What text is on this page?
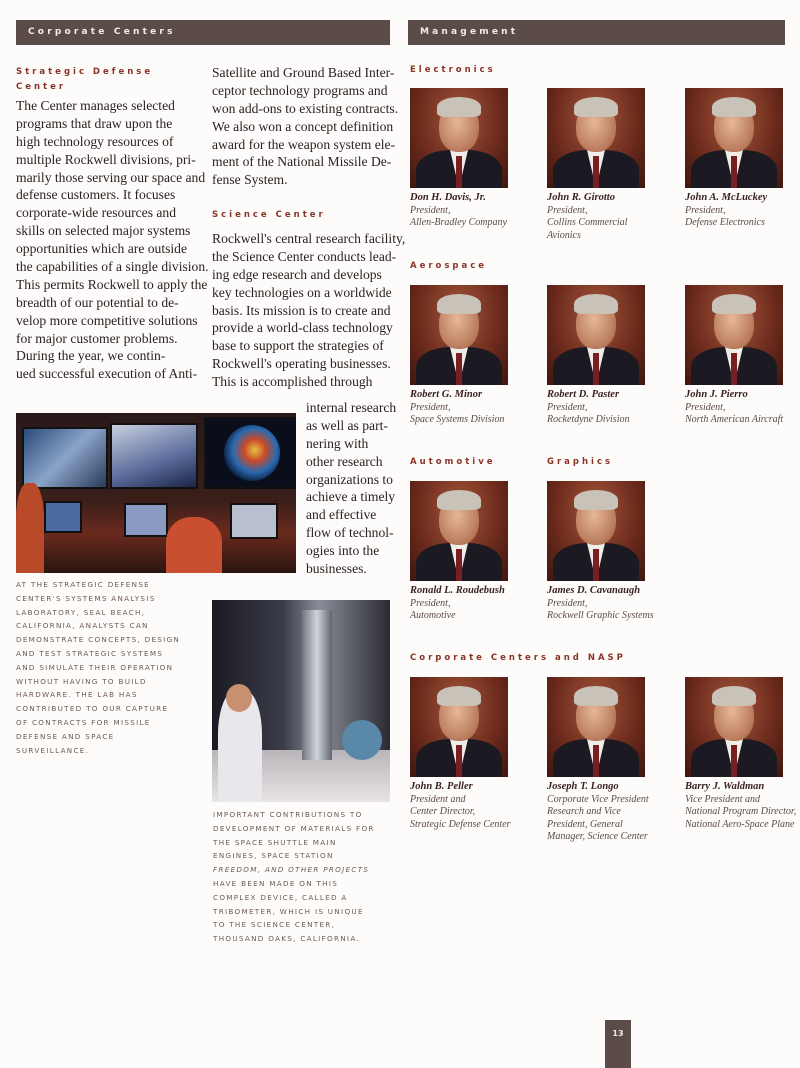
Corporate Centers	Management
Strategic Defense
Center
The Center manages selected
programs that draw upon the
high technology resources of
multiple Rockwell divisions, pri-
marily those serving our space and
defense customers. It focuses
corporate-wide resources and
skills on selected major systems
opportunities which are outside
the capabilities of a single division.
This permits Rockwell to apply the
breadth of our potential to de-
velop more competitive solutions
for major customer problems.
During the year, we contin-
ued successful execution of Anti-
Satellite and Ground Based Inter-
ceptor technology programs and
won add-ons to existing contracts.
We also won a concept definition
award for the weapon system ele-
ment of the National Missile De-
fense System.
Science Center
Rockwell's central research facility,
the Science Center conducts lead-
ing edge research and develops
key technologies on a worldwide
basis. Its mission is to create and
provide a world-class technology
base to support the strategies of
Rockwell's operating businesses.
This is accomplished through
internal research
as well as part-
nering with
other research
organizations to
achieve a timely
and effective
flow of technol-
ogies into the
businesses.
AT THE STRATEGIC DEFENSE
CENTER'S SYSTEMS ANALYSIS
LABORATORY, SEAL BEACH,
CALIFORNIA, ANALYSTS CAN
DEMONSTRATE CONCEPTS, DESIGN
AND TEST STRATEGIC SYSTEMS
AND SIMULATE THEIR OPERATION
WITHOUT HAVING TO BUILD
HARDWARE. THE LAB HAS
CONTRIBUTED TO OUR CAPTURE
OF CONTRACTS FOR MISSILE
DEFENSE AND SPACE
SURVEILLANCE.
IMPORTANT CONTRIBUTIONS TO
DEVELOPMENT OF MATERIALS FOR
THE SPACE SHUTTLE MAIN
ENGINES, SPACE STATION
FREEDOM, AND OTHER PROJECTS
HAVE BEEN MADE ON THIS
COMPLEX DEVICE, CALLED A
TRIBOMETER, WHICH IS UNIQUE
TO THE SCIENCE CENTER,
THOUSAND OAKS, CALIFORNIA.
Electronics
Don H. Davis, Jr.
President,
Allen-Bradley Company
John R. Girotto
President,
Collins Commercial
Avionics
John A. McLuckey
President,
Defense Electronics
Aerospace
Robert G. Minor
President,
Space Systems Division
Robert D. Paster
President,
Rocketdyne Division
John J. Pierro
President,
North American Aircraft
Automotive
Ronald L. Roudebush
President,
Automotive
Graphics
James D. Cavanaugh
President,
Rockwell Graphic Systems
Corporate Centers and NASP
John B. Peller
President and
Center Director,
Strategic Defense Center
Joseph T. Longo
Corporate Vice President
Research and Vice
President, General
Manager, Science Center
Barry J. Waldman
Vice President and
National Program Director,
National Aero-Space Plane
13
